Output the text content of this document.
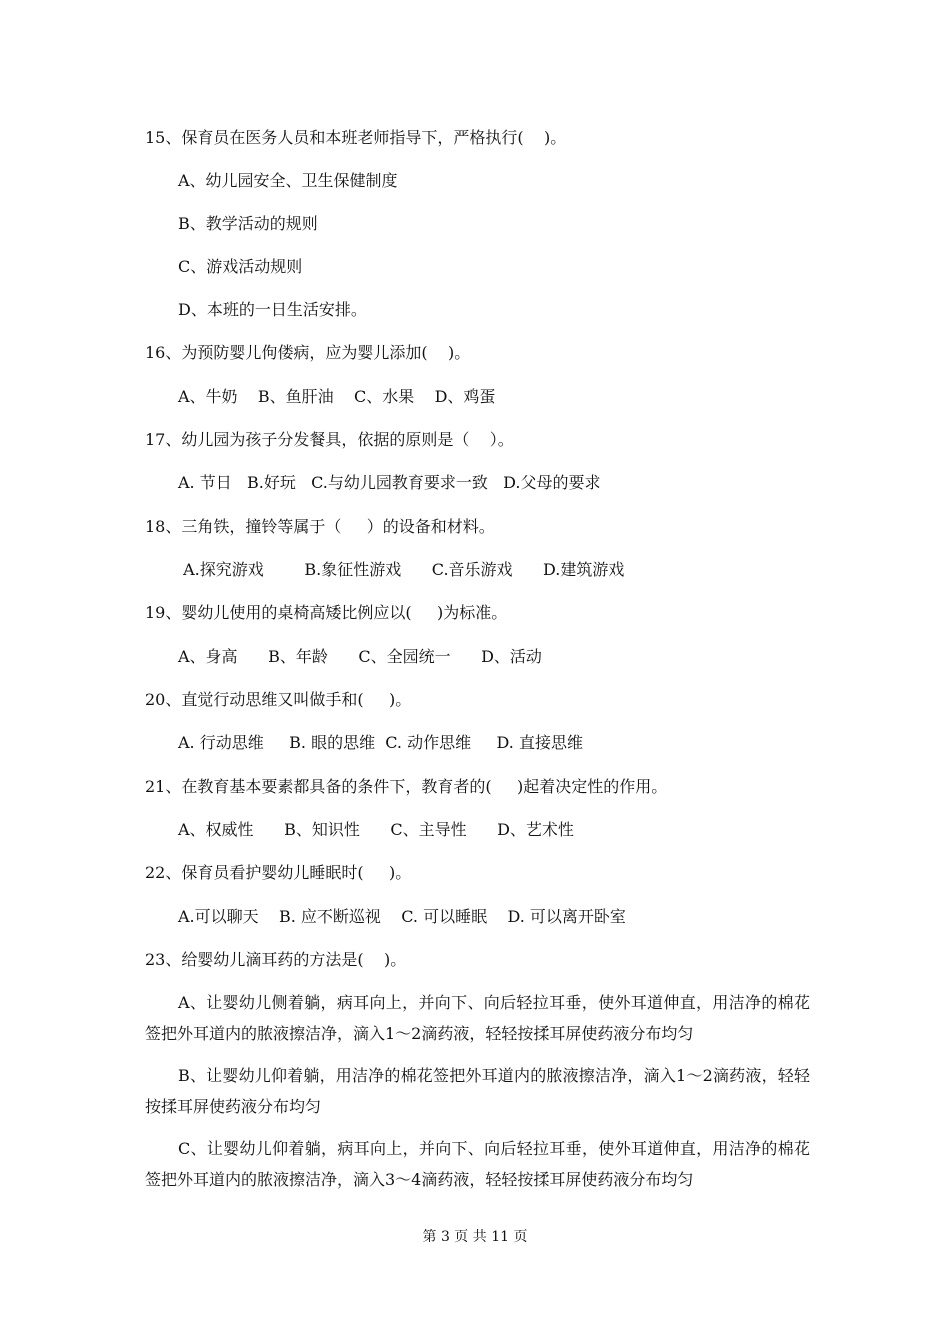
15、保育员在医务人员和本班老师指导下，严格执行(    )。
A、幼儿园安全、卫生保健制度
B、教学活动的规则
C、游戏活动规则
D、本班的一日生活安排。
16、为预防婴儿佝偻病，应为婴儿添加(    )。
A、牛奶    B、鱼肝油    C、水果    D、鸡蛋
17、幼儿园为孩子分发餐具，依据的原则是（    ）。
A. 节日   B.好玩   C.与幼儿园教育要求一致   D.父母的要求
18、三角铁，撞铃等属于（     ）的设备和材料。
A.探究游戏        B.象征性游戏      C.音乐游戏      D.建筑游戏
19、婴幼儿使用的桌椅高矮比例应以(     )为标准。
A、身高      B、年龄      C、全园统一      D、活动
20、直觉行动思维又叫做手和(     )。
A. 行动思维     B. 眼的思维  C. 动作思维     D. 直接思维
21、在教育基本要素都具备的条件下，教育者的(     )起着决定性的作用。
A、权威性      B、知识性      C、主导性      D、艺术性
22、保育员看护婴幼儿睡眠时(     )。
A.可以聊天    B. 应不断巡视    C. 可以睡眠    D. 可以离开卧室
23、给婴幼儿滴耳药的方法是(    )。
A、让婴幼儿侧着躺，病耳向上，并向下、向后轻拉耳垂，使外耳道伸直，用洁净的棉花签把外耳道内的脓液擦洁净，滴入1～2滴药液，轻轻按揉耳屏使药液分布均匀
B、让婴幼儿仰着躺，用洁净的棉花签把外耳道内的脓液擦洁净，滴入1～2滴药液，轻轻按揉耳屏使药液分布均匀
C、让婴幼儿仰着躺，病耳向上，并向下、向后轻拉耳垂，使外耳道伸直，用洁净的棉花签把外耳道内的脓液擦洁净，滴入3～4滴药液，轻轻按揉耳屏使药液分布均匀
第 3 页 共 11 页
